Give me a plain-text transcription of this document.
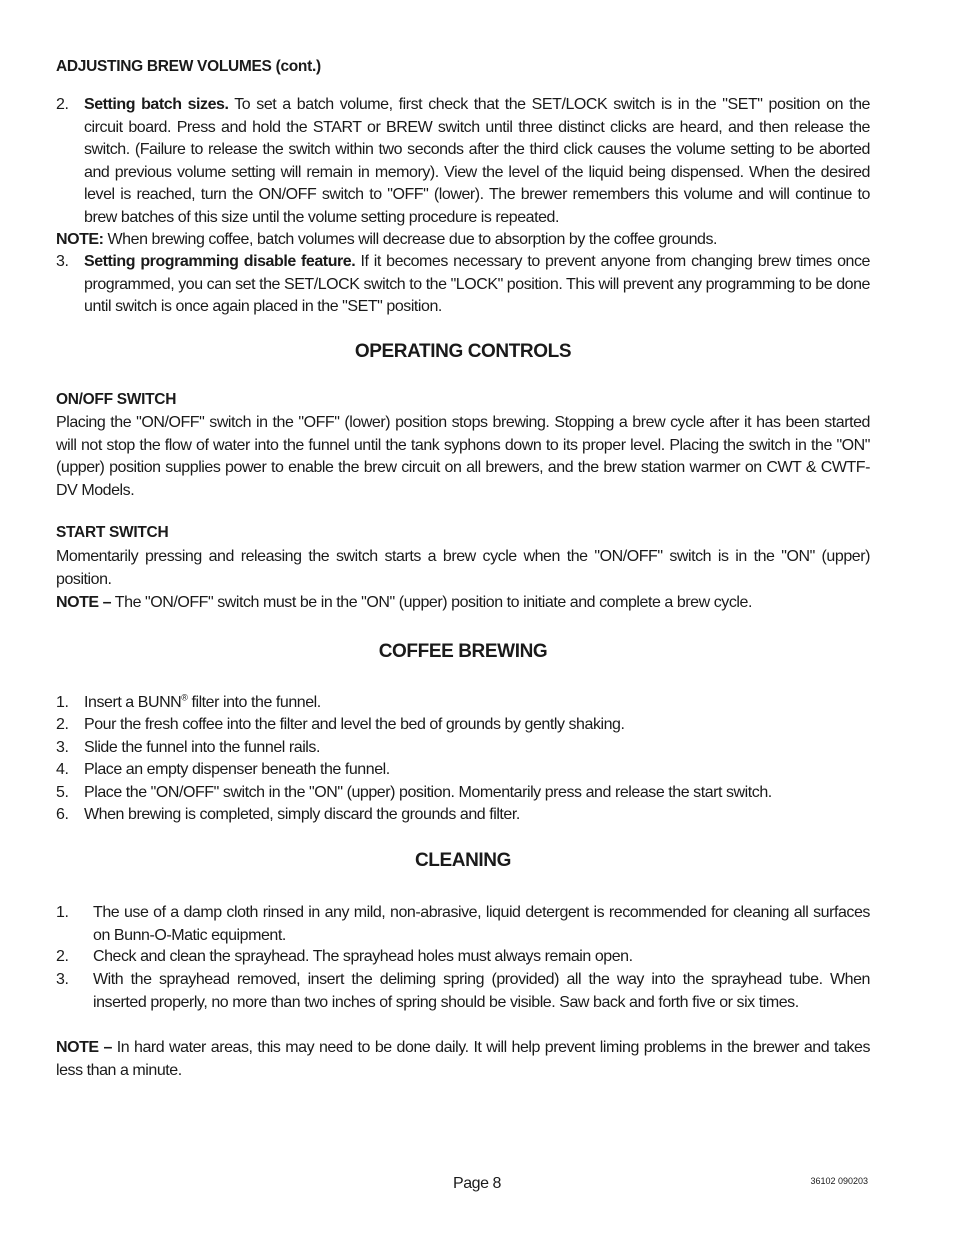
ADJUSTING BREW VOLUMES (cont.)
2. Setting batch sizes. To set a batch volume, first check that the SET/LOCK switch is in the "SET" position on the circuit board. Press and hold the START or BREW switch until three distinct clicks are heard, and then release the switch. (Failure to release the switch within two seconds after the third click causes the volume setting to be aborted and previous volume setting will remain in memory). View the level of the liquid being dispensed. When the desired level is reached, turn the ON/OFF switch to "OFF" (lower). The brewer remembers this volume and will continue to brew batches of this size until the volume setting procedure is repeated.
NOTE: When brewing coffee, batch volumes will decrease due to absorption by the coffee grounds.
3. Setting programming disable feature. If it becomes necessary to prevent anyone from changing brew times once programmed, you can set the SET/LOCK switch to the "LOCK" position. This will prevent any programming to be done until switch is once again placed in the "SET" position.
OPERATING CONTROLS
ON/OFF SWITCH
Placing the "ON/OFF" switch in the "OFF" (lower) position stops brewing. Stopping a brew cycle after it has been started will not stop the flow of water into the funnel until the tank syphons down to its proper level. Placing the switch in the "ON" (upper) position supplies power to enable the brew circuit on all brewers, and the brew station warmer on CWT & CWTF-DV Models.
START SWITCH
Momentarily pressing and releasing the switch starts a brew cycle when the "ON/OFF" switch is in the "ON" (upper) position.
NOTE – The "ON/OFF" switch must be in the "ON" (upper) position to initiate and complete a brew cycle.
COFFEE BREWING
1. Insert a BUNN® filter into the funnel.
2. Pour the fresh coffee into the filter and level the bed of grounds by gently shaking.
3. Slide the funnel into the funnel rails.
4. Place an empty dispenser beneath the funnel.
5. Place the "ON/OFF" switch in the "ON" (upper) position. Momentarily press and release the start switch.
6. When brewing is completed, simply discard the grounds and filter.
CLEANING
1. The use of a damp cloth rinsed in any mild, non-abrasive, liquid detergent is recommended for cleaning all surfaces on Bunn-O-Matic equipment.
2. Check and clean the sprayhead. The sprayhead holes must always remain open.
3. With the sprayhead removed, insert the deliming spring (provided) all the way into the sprayhead tube. When inserted properly, no more than two inches of spring should be visible. Saw back and forth five or six times.
NOTE – In hard water areas, this may need to be done daily. It will help prevent liming problems in the brewer and takes less than a minute.
Page 8	36102 090203
